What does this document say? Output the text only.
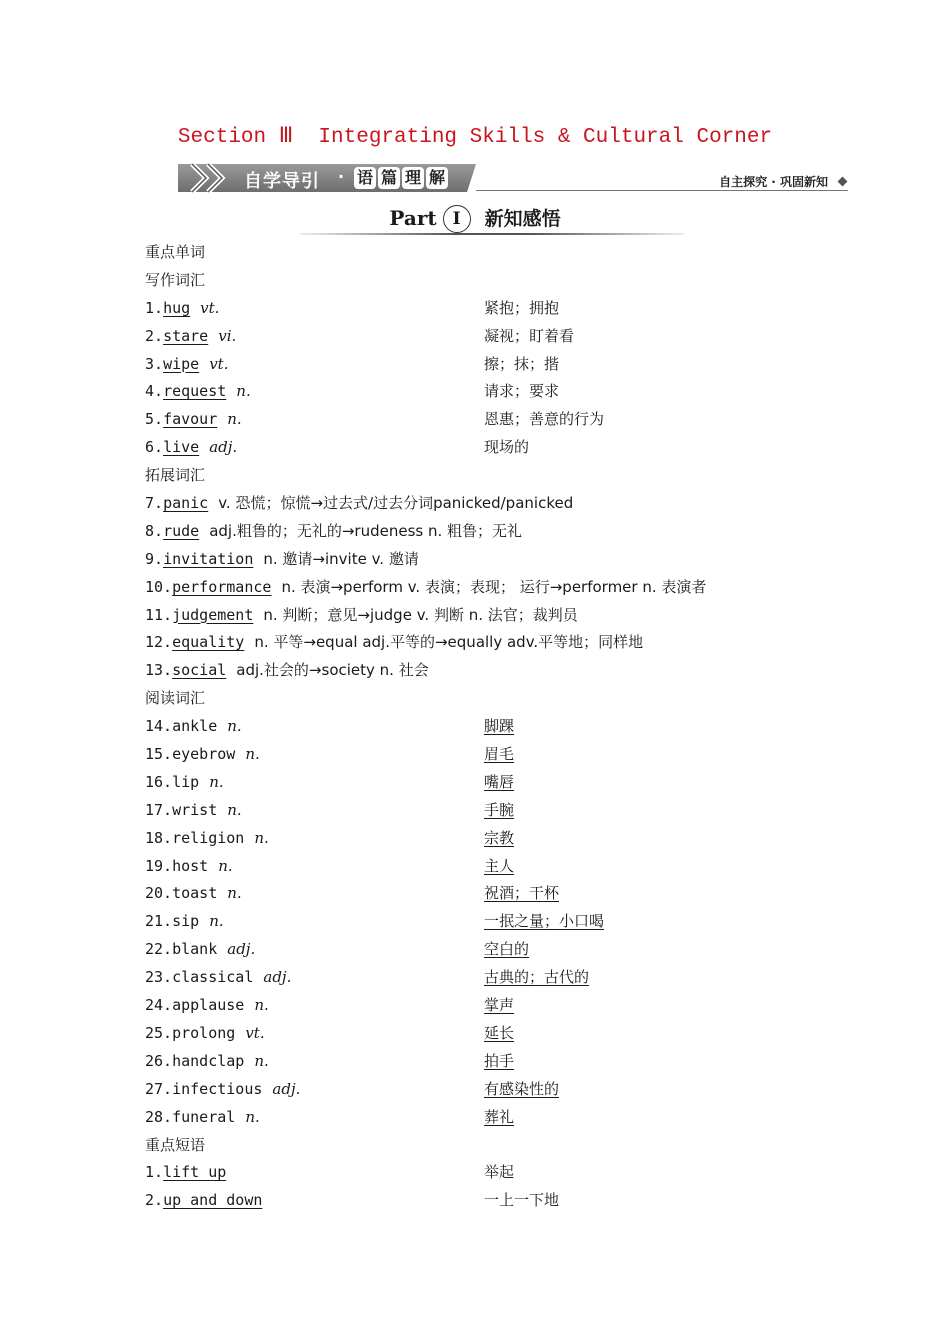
Section Ⅲ  Integrating Skills & Cultural Corner
自学导引 · 语 篇 理 解	自主探究 · 巩固新知
Part I 新知感悟
重点单词
写作词汇
1.hug vt.	紧抱；拥抱
2.stare vi.	凝视；盯着看
3.wipe vt.	擦；抹；揩
4.request n.	请求；要求
5.favour n.	恩惠；善意的行为
6.live adj.	现场的
拓展词汇
7.panic v. 恐慌；惊慌→过去式/过去分词panicked/panicked
8.rude adj.粗鲁的；无礼的→rudeness n. 粗鲁；无礼
9.invitation n. 邀请→invite v. 邀请
10.performance n. 表演→perform v. 表演；表现； 运行→performer n. 表演者
11.judgement n. 判断；意见→judge v. 判断 n. 法官；裁判员
12.equality n. 平等→equal adj.平等的→equally adv.平等地；同样地
13.social adj.社会的→society n. 社会
阅读词汇
14.ankle n.	脚踝
15.eyebrow n.	眉毛
16.lip n.	嘴唇
17.wrist n.	手腕
18.religion n.	宗教
19.host n.	主人
20.toast n.	祝酒；干杯
21.sip n.	一抿之量；小口喝
22.blank adj.	空白的
23.classical adj.	古典的；古代的
24.applause n.	掌声
25.prolong vt.	延长
26.handclap n.	拍手
27.infectious adj.	有感染性的
28.funeral n.	葬礼
重点短语
1.lift up	举起
2.up and down	一上一下地
